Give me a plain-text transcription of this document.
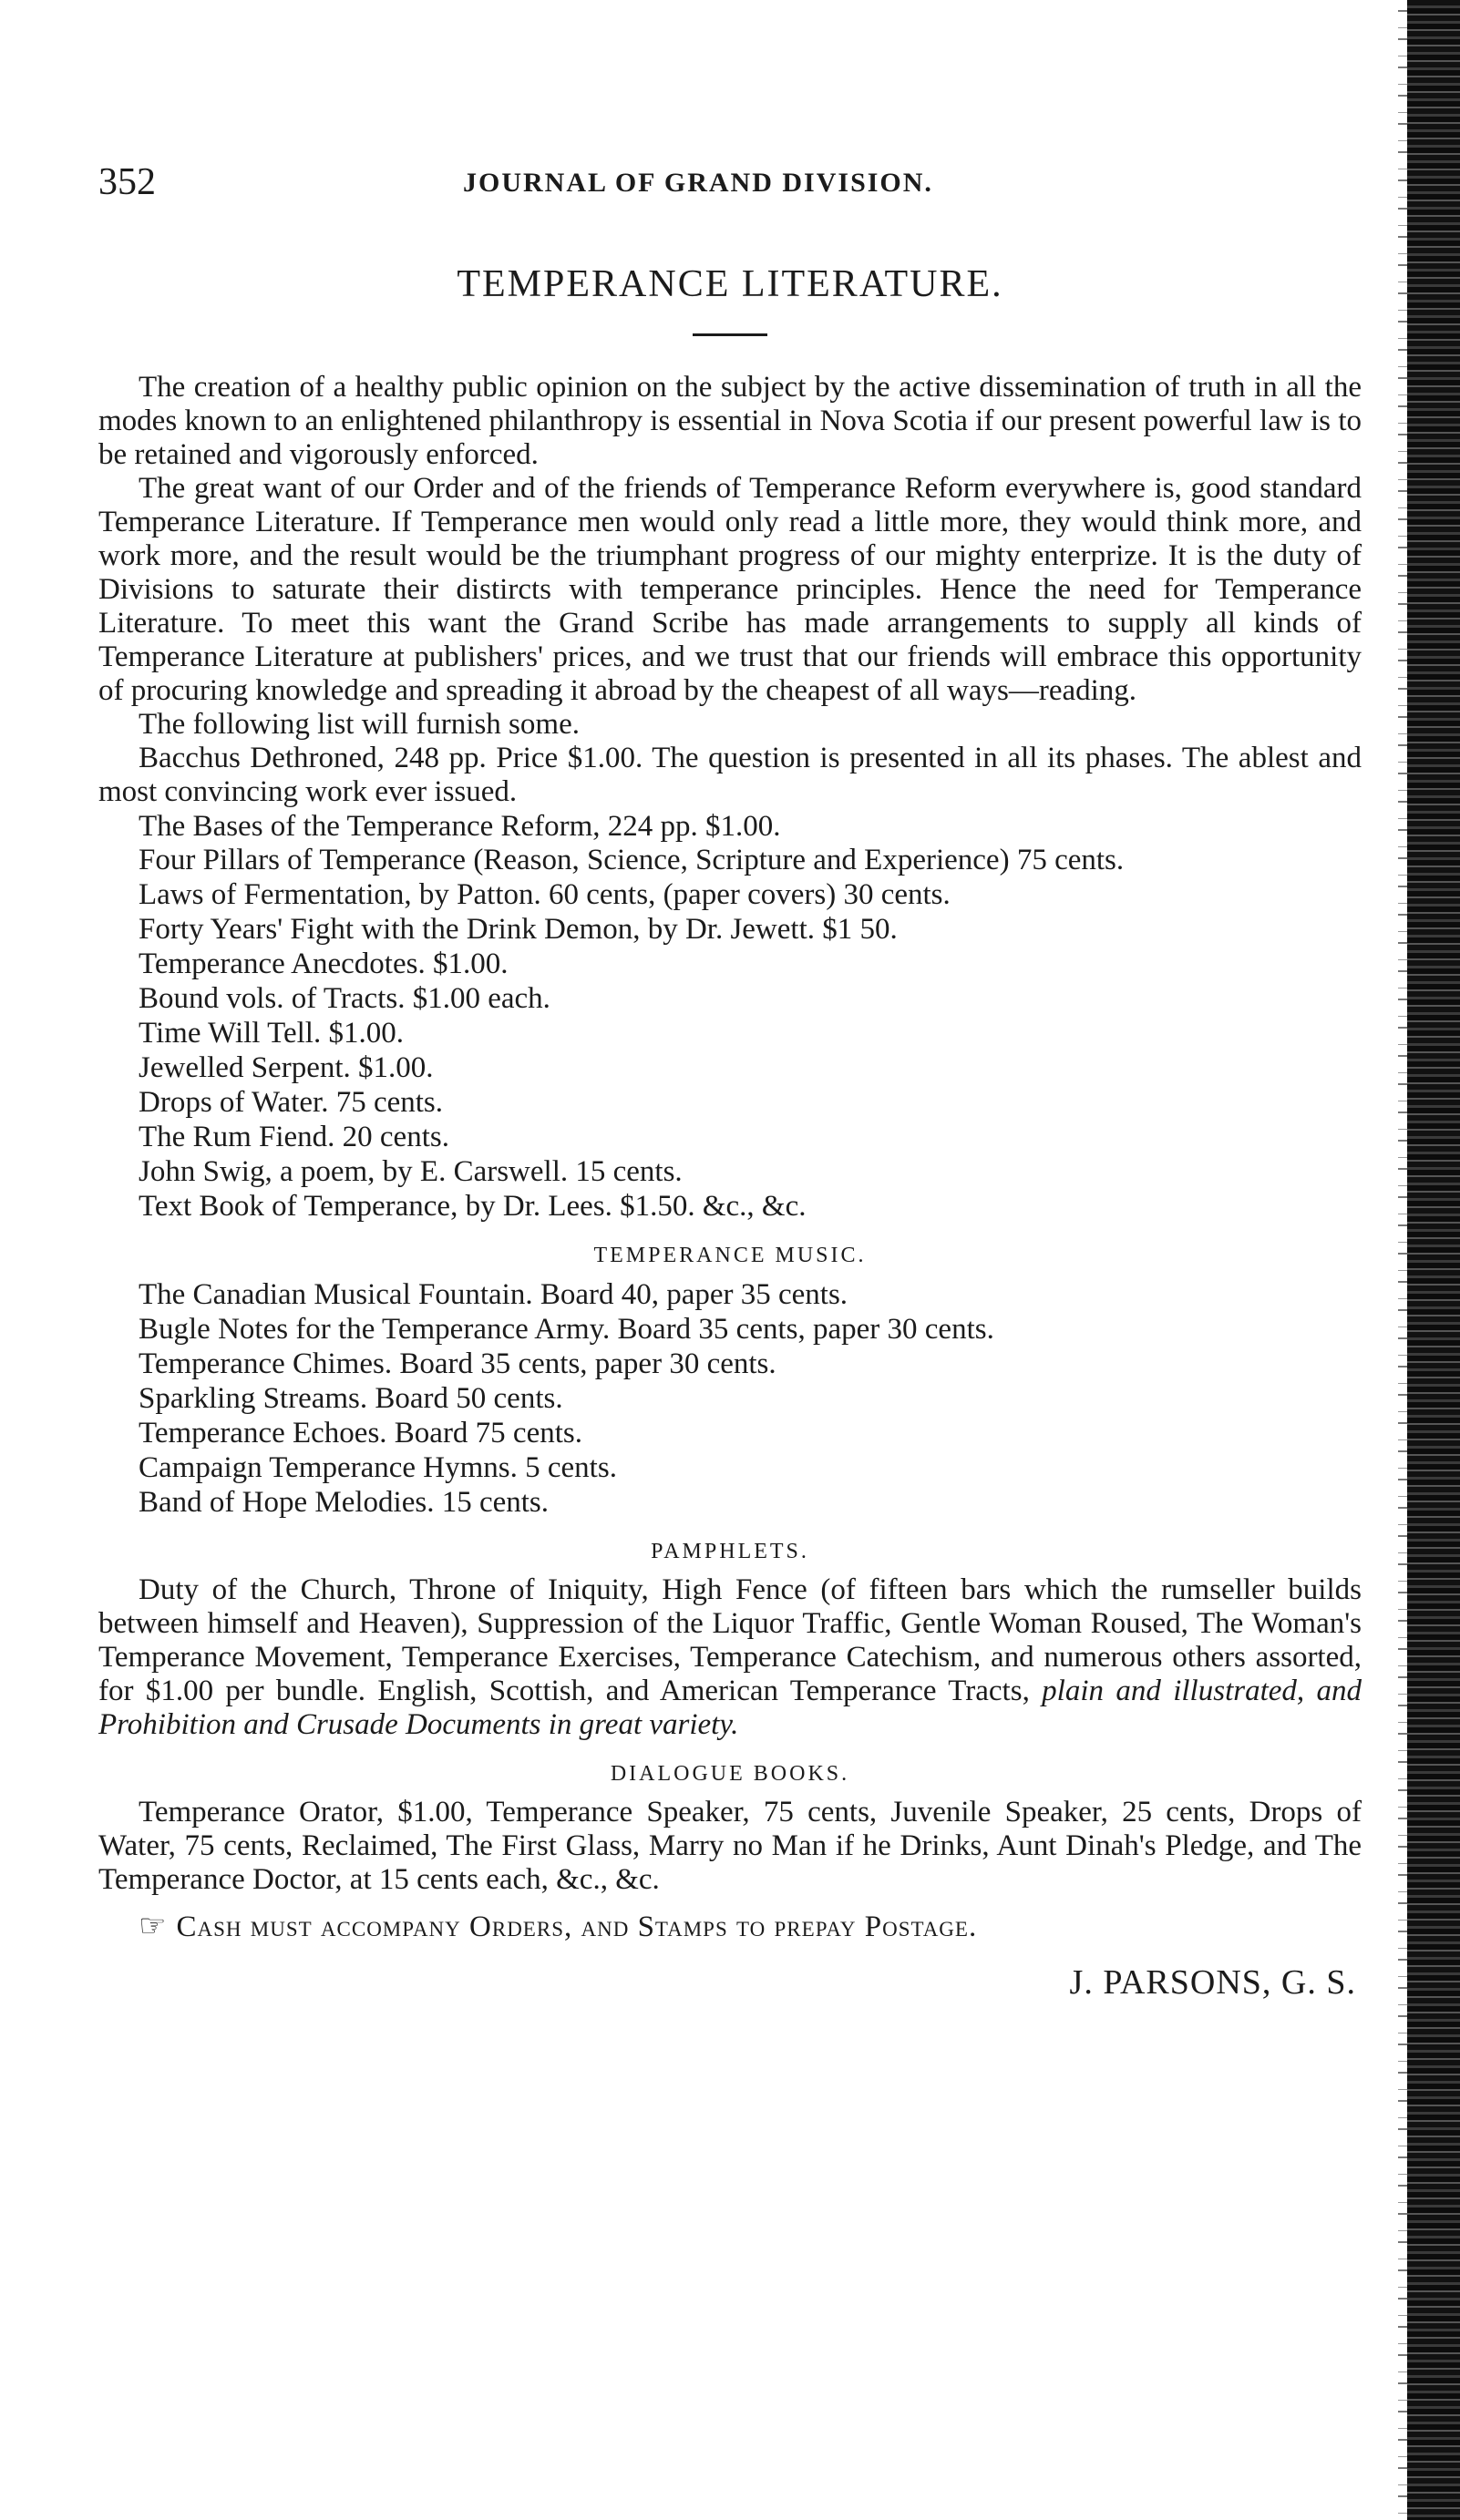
352	JOURNAL OF GRAND DIVISION.
TEMPERANCE LITERATURE.

The creation of a healthy public opinion on the subject by the active dissemination of truth in all the modes known to an enlightened philanthropy is essential in Nova Scotia if our present powerful law is to be retained and vigorously enforced.

The great want of our Order and of the friends of Temperance Reform everywhere is, good standard Temperance Literature. If Temperance men would only read a little more, they would think more, and work more, and the result would be the triumphant progress of our mighty enterprize. It is the duty of Divisions to saturate their distircts with temperance principles. Hence the need for Temperance Literature. To meet this want the Grand Scribe has made arrangements to supply all kinds of Temperance Literature at publishers' prices, and we trust that our friends will embrace this opportunity of procuring knowledge and spreading it abroad by the cheapest of all ways—reading.

The following list will furnish some.

Bacchus Dethroned, 248 pp. Price $1.00. The question is presented in all its phases. The ablest and most convincing work ever issued.

The Bases of the Temperance Reform, 224 pp. $1.00.

Four Pillars of Temperance (Reason, Science, Scripture and Experience) 75 cents.

Laws of Fermentation, by Patton. 60 cents, (paper covers) 30 cents.

Forty Years' Fight with the Drink Demon, by Dr. Jewett. $1 50.

Temperance Anecdotes. $1.00.

Bound vols. of Tracts. $1.00 each.

Time Will Tell. $1.00.

Jewelled Serpent. $1.00.

Drops of Water. 75 cents.

The Rum Fiend. 20 cents.

John Swig, a poem, by E. Carswell. 15 cents.

Text Book of Temperance, by Dr. Lees. $1.50. &c., &c.

TEMPERANCE MUSIC.

The Canadian Musical Fountain. Board 40, paper 35 cents.

Bugle Notes for the Temperance Army. Board 35 cents, paper 30 cents.

Temperance Chimes. Board 35 cents, paper 30 cents.

Sparkling Streams. Board 50 cents.

Temperance Echoes. Board 75 cents.

Campaign Temperance Hymns. 5 cents.

Band of Hope Melodies. 15 cents.

PAMPHLETS.

Duty of the Church, Throne of Iniquity, High Fence (of fifteen bars which the rumseller builds between himself and Heaven), Suppression of the Liquor Traffic, Gentle Woman Roused, The Woman's Temperance Movement, Temperance Exercises, Temperance Catechism, and numerous others assorted, for $1.00 per bundle. English, Scottish, and American Temperance Tracts, plain and illustrated, and Prohibition and Crusade Documents in great variety.

DIALOGUE BOOKS.

Temperance Orator, $1.00, Temperance Speaker, 75 cents, Juvenile Speaker, 25 cents, Drops of Water, 75 cents, Reclaimed, The First Glass, Marry no Man if he Drinks, Aunt Dinah's Pledge, and The Temperance Doctor, at 15 cents each, &c., &c.

☞ Cash must accompany Orders, and Stamps to prepay Postage.
J. PARSONS, G. S.
